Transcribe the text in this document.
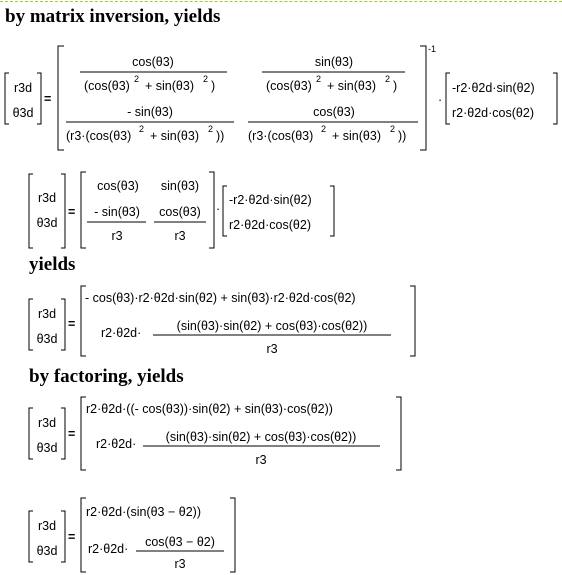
by matrix inversion, yields
yields
by factoring, yields
r3d
θ3d
=
-1
cos(θ3)
(cos(θ3) 2 + sin(θ3) 2 )
sin(θ3)
(cos(θ3) 2 + sin(θ3) 2 )
- sin(θ3)
(r3·(cos(θ3) 2 + sin(θ3) 2 ))
cos(θ3)
(r3·(cos(θ3) 2 + sin(θ3) 2 ))
·
-r2·θ2d·sin(θ2)
r2·θ2d·cos(θ2)
r3d
θ3d
=
cos(θ3) sin(θ3)
- sin(θ3)
r3
cos(θ3)
r3
·
-r2·θ2d·sin(θ2)
r2·θ2d·cos(θ2)
r3d
θ3d
=
- cos(θ3)·r2·θ2d·sin(θ2) + sin(θ3)·r2·θ2d·cos(θ2)
r2·θ2d·	(sin(θ3)·sin(θ2) + cos(θ3)·cos(θ2))
r3
r3d
θ3d
=
r2·θ2d·((- cos(θ3))·sin(θ2) + sin(θ3)·cos(θ2))
r2·θ2d· (sin(θ3)·sin(θ2) + cos(θ3)·cos(θ2))
r3
r3d
θ3d
=
r2·θ2d·(sin(θ3 − θ2))
r2·θ2d· cos(θ3 − θ2)
r3
